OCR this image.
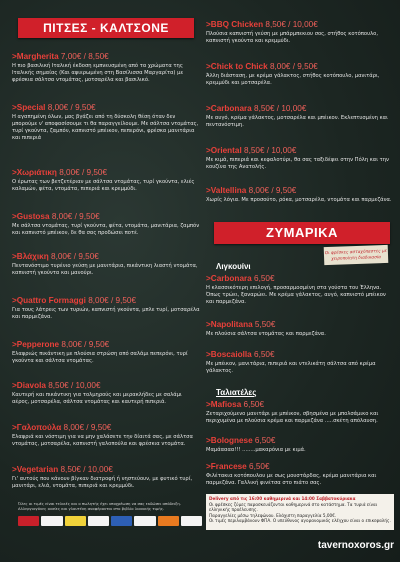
ΠΙΤΣΕΣ - ΚΑΛΤΣΟΝΕ
>Margherita 7,00€ / 8,50€
Η πιο βασιλική Ιταλική έκδοση εμπνευσμένη από τα χρώματα της Ιταλικής σημαίας (Και αφιερωμένη στη Βασίλισσα Μαργαρίτα) με φρέσκια σάλτσα ντομάτας, μοτσαρέλα και βασιλικό.
>Special 8,00€ / 9,50€
Η αγαπημένη όλων, μας βγάζει από τη δύσκολη θέση όταν δεν μπορούμε ν' αποφασίσουμε τι θα παραγγείλουμε. Με σάλτσα ντομάτας, τυρί γκούντα, ζαμπόν, καπνιστό μπέικον, πεπερόνι, φρέσκα μανιτάρια και πιπεριά
>Χωριάτικη 8,00€ / 9,50€
Ο έρωτας των βετζετέριαν με σάλτσα ντομάτας, τυρί γκούντα, ελιές καλαμών, φέτα, ντομάτα, πιπεριά και κρεμμύδι.
>Gustosa 8,00€ / 9,50€
Με σάλτσα ντομάτας, τυρί γκούντα, φέτα, ντομάτα, μανιτάρια, ζαμπόν και καπνιστό μπέικον, δε θα σας προδώσει ποτέ.
>Βλάχικη 8,00€ / 9,50€
Πεντανόστιμο τυρένιο γεύση με μανιτάρια, πικάντικη λιαστή ντομάτα, καπνιστή γκούντα και μανούρι.
>Quattro Formaggi 8,00€ / 9,50€
Για τους λάτρεις των τυριών, καπνιστή γκούντα, μπλε τυρί, μοτσαρέλα και παρμεζάνα.
>Pepperone 8,00€ / 9,50€
Ελαφριώς πικάντικη με πλούσια στρώση από σαλάμι πεπερόνι, τυρί γκούντα και σάλτσα ντομάτας.
>Diavola 8,50€ / 10,00€
Καυτερή και πικάντικη για τολμηρούς και μερακλήδες με σαλάμι αέρος, μοτσαρέλα, σάλτσα ντομάτας και καυτερή πιπεριά.
>Γαλοπούλα 8,00€ / 9,50€
Ελαφριά και νόστιμη για να μην χαλάσετε την δίαιτά σας, με σάλτσα ντομάτας, μοτσαρέλα, καπνιστή γαλοπούλα και φρέσκια ντομάτα.
>Vegetarian 8,50€ / 10,00€
Γι' αυτούς που κάνουν βίγκαν διατροφή ή νηστεύουν, με φυτικό τυρί, μανιτάρι, ελιά, ντομάτα, πιπεριά και κρεμμύδι.
Όλες οι τιμές είναι τελικές και ο πωλητής έχει υποχρέωση να σας εκδώσει απόδειξη. Αλλεργιογόνες ουσίες και γλουτένη αναφέρονται στο βιβλίο λιανικής τιμής.
>BBQ Chicken 8,50€ / 10,00€
Πλούσια καπνιστή γεύση με μπάρμπεκιου σος, στήθος κοτόπουλο, καπνιστή γκούντα και κρεμμύδι.
>Chick to Chick 8,00€ / 9,50€
Άλλη διάσταση, με κρέμα γάλακτος, στήθος κοτόπουλο, μανιτάρι, κρεμμύδι και μοτσαρέλα.
>Carbonara 8,50€ / 10,00€
Με αυγό, κρέμα γάλακτος, μοτσαρέλα και μπέικον. Εκλεπτυσμένη και πεντανόστιμη.
>Oriental 8,50€ / 10,00€
Με κιμά, πιπεριά και κεφαλοτύρι, θα σας ταξιδέψει στην Πόλη και την κουζίνα της Ανατολής.
>Valtellina 8,00€ / 9,50€
Χωρίς λόγια. Με προσούτο, ρόκα, μοτσαρέλα, ντομάτα και παρμεζάνα.
ΖΥΜΑΡΙΚΑ
Οι φρέσκες ασταχόπαστες με χειροποίητη διαδικασία
Λιγκουίνι
>Carbonara 6,50€
Η κλασσικότερη επιλογή, προσαρμοσμένη στα γούστα του Έλληνα. Όπως τρώει, ξαναρώει. Με κρέμα γάλακτος, αυγό, καπνιστό μπέικον και παρμεζάνα.
>Napolitana 5,50€
Με πλούσια σάλτσα ντομάτας και παρμεζάνα.
>Boscaiolla 6,50€
Με μπέικον, μανιτάρια, πιπεριά και ντελικάτη σάλτσα από κρέμα γάλακτος.
Ταλιατέλες
>Mafiosa 6,50€
Ζεταριχούμενο μανιτάρι με μπέικον, σβησμένα με μπολσάμικο και περιχυμένα με πλούσια κρέμα και παρμεζάνα .....σκέτη απόλαυση.
>Bolognese 6,50€
Μαμάαααα!!! ........μακαρόνια με κιμά.
>Francese 6,50€
Φιλέτακια κοτόπουλου με σως μουστάρδας, κρέμα μανιτάρια και παρμεζάνα. Γαλλική φινέτσα στο πιάτο σας.
Delivery από τις 16:00 καθημερινά και 14:00 Σαββατοκύριακα
Οι φρέσκες ζύμες παρασκευάζονται καθημερινά στο κατάστημα. Τα τυριά είναι ελληνικής προέλευσης.
Παραγγελίες μέσω τηλεφώνου. Ελάχιστη παραγγελία 5,00€.
Οι τιμές περιλαμβάνουν ΦΠΑ. Ο υπεύθυνος αγορανομικός ελέγχου είναι ο επικεφαλής.
tavernoxoros.gr
